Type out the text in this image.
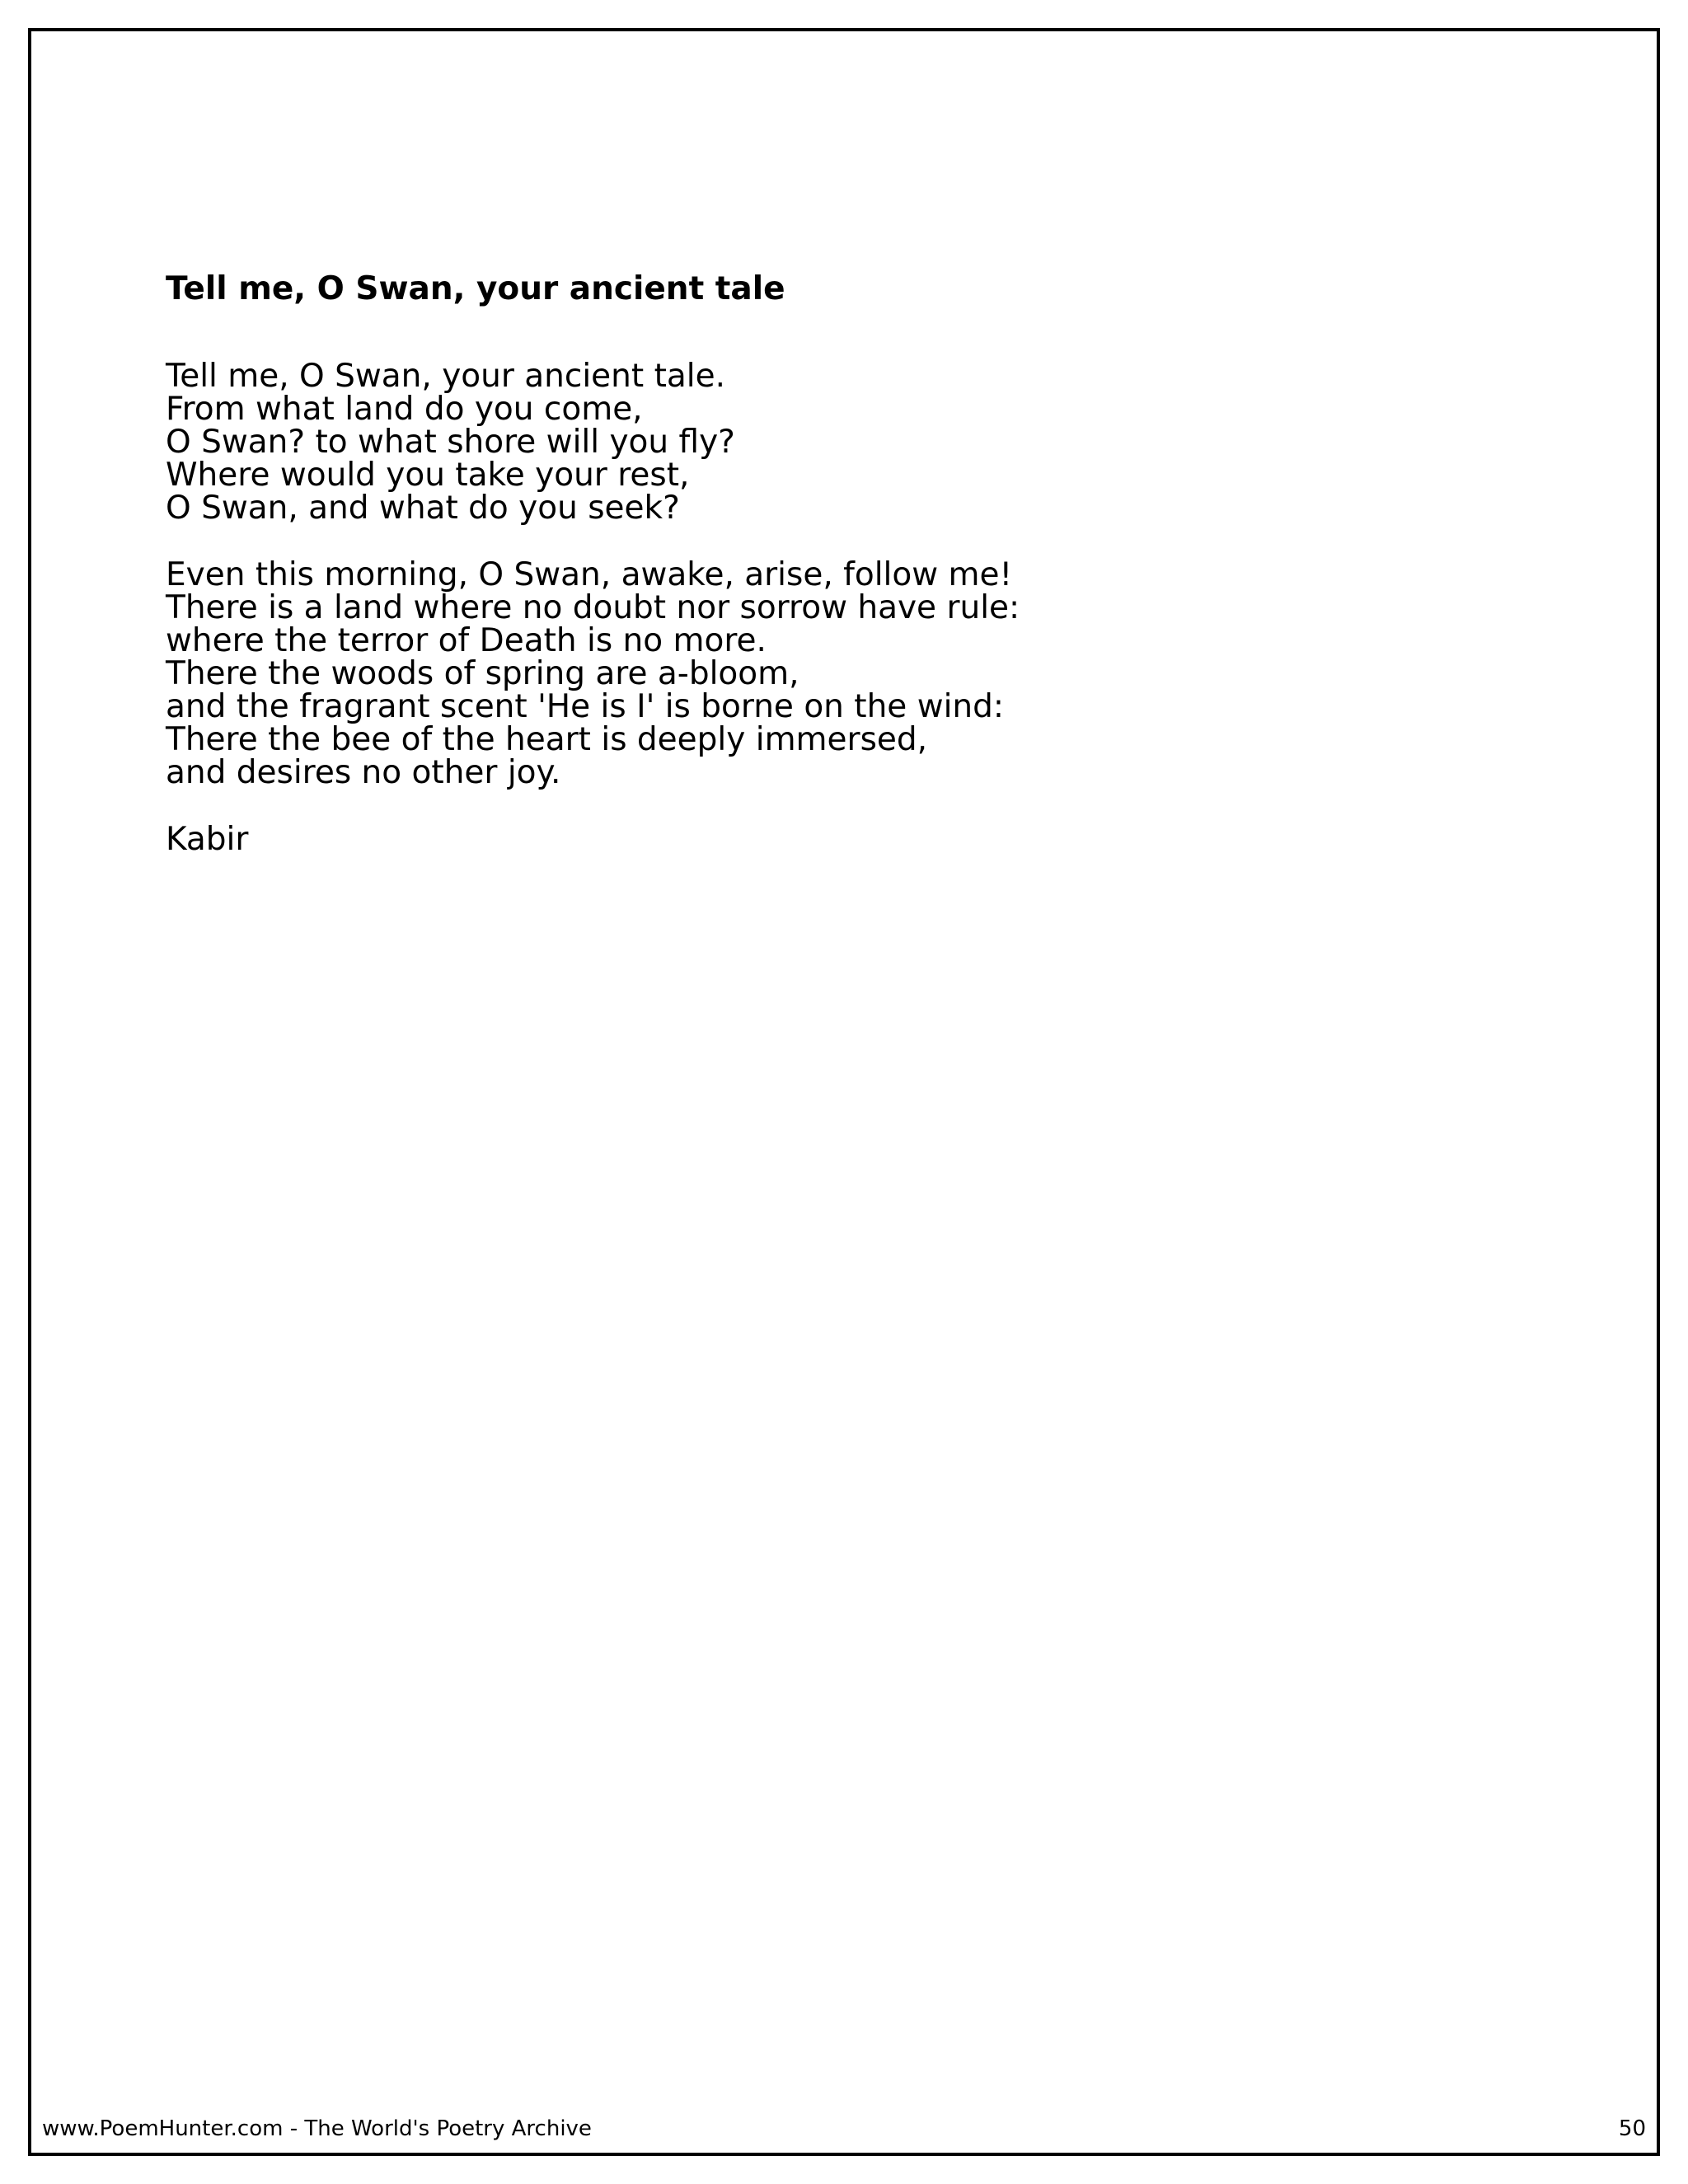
Tell me, O Swan, your ancient tale
Tell me, O Swan, your ancient tale.
From what land do you come,
O Swan? to what shore will you fly?
Where would you take your rest,
O Swan, and what do you seek?
Even this morning, O Swan, awake, arise, follow me!
There is a land where no doubt nor sorrow have rule:
where the terror of Death is no more.
There the woods of spring are a-bloom,
and the fragrant scent 'He is I' is borne on the wind:
There the bee of the heart is deeply immersed,
and desires no other joy.
Kabir
www.PoemHunter.com - The World's Poetry Archive	50
